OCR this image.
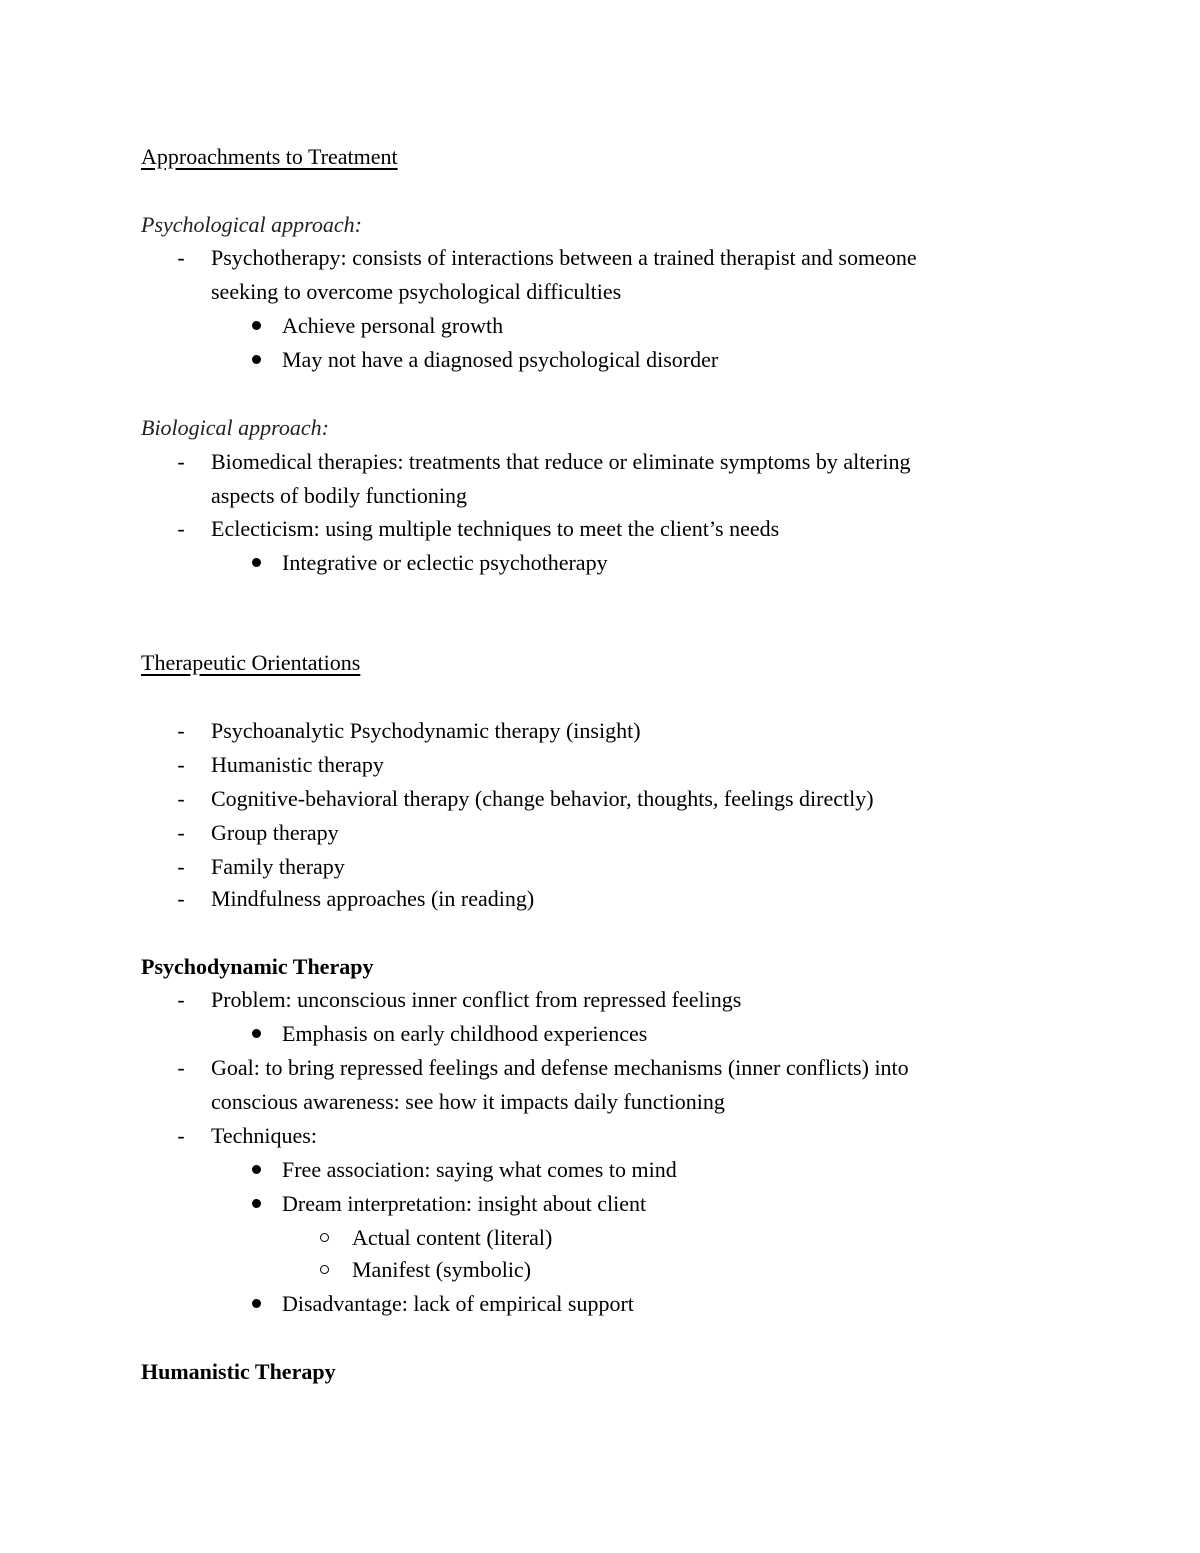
Approachments to Treatment

Psychological approach:

- Psychotherapy: consists of interactions between a trained therapist and someone

seeking to overcome psychological difficulties

Achieve personal growth

May not have a diagnosed psychological disorder

Biological approach:

- Biomedical therapies: treatments that reduce or eliminate symptoms by altering

aspects of bodily functioning

- Eclecticism: using multiple techniques to meet the client’s needs

Integrative or eclectic psychotherapy

Therapeutic Orientations

- Psychoanalytic Psychodynamic therapy (insight)

- Humanistic therapy

- Cognitive-behavioral therapy (change behavior, thoughts, feelings directly)

- Group therapy

- Family therapy

- Mindfulness approaches (in reading)

Psychodynamic Therapy

- Problem: unconscious inner conflict from repressed feelings

Emphasis on early childhood experiences

- Goal: to bring repressed feelings and defense mechanisms (inner conflicts) into

conscious awareness: see how it impacts daily functioning

- Techniques:

Free association: saying what comes to mind

Dream interpretation: insight about client

Actual content (literal)

Manifest (symbolic)

Disadvantage: lack of empirical support

Humanistic Therapy
